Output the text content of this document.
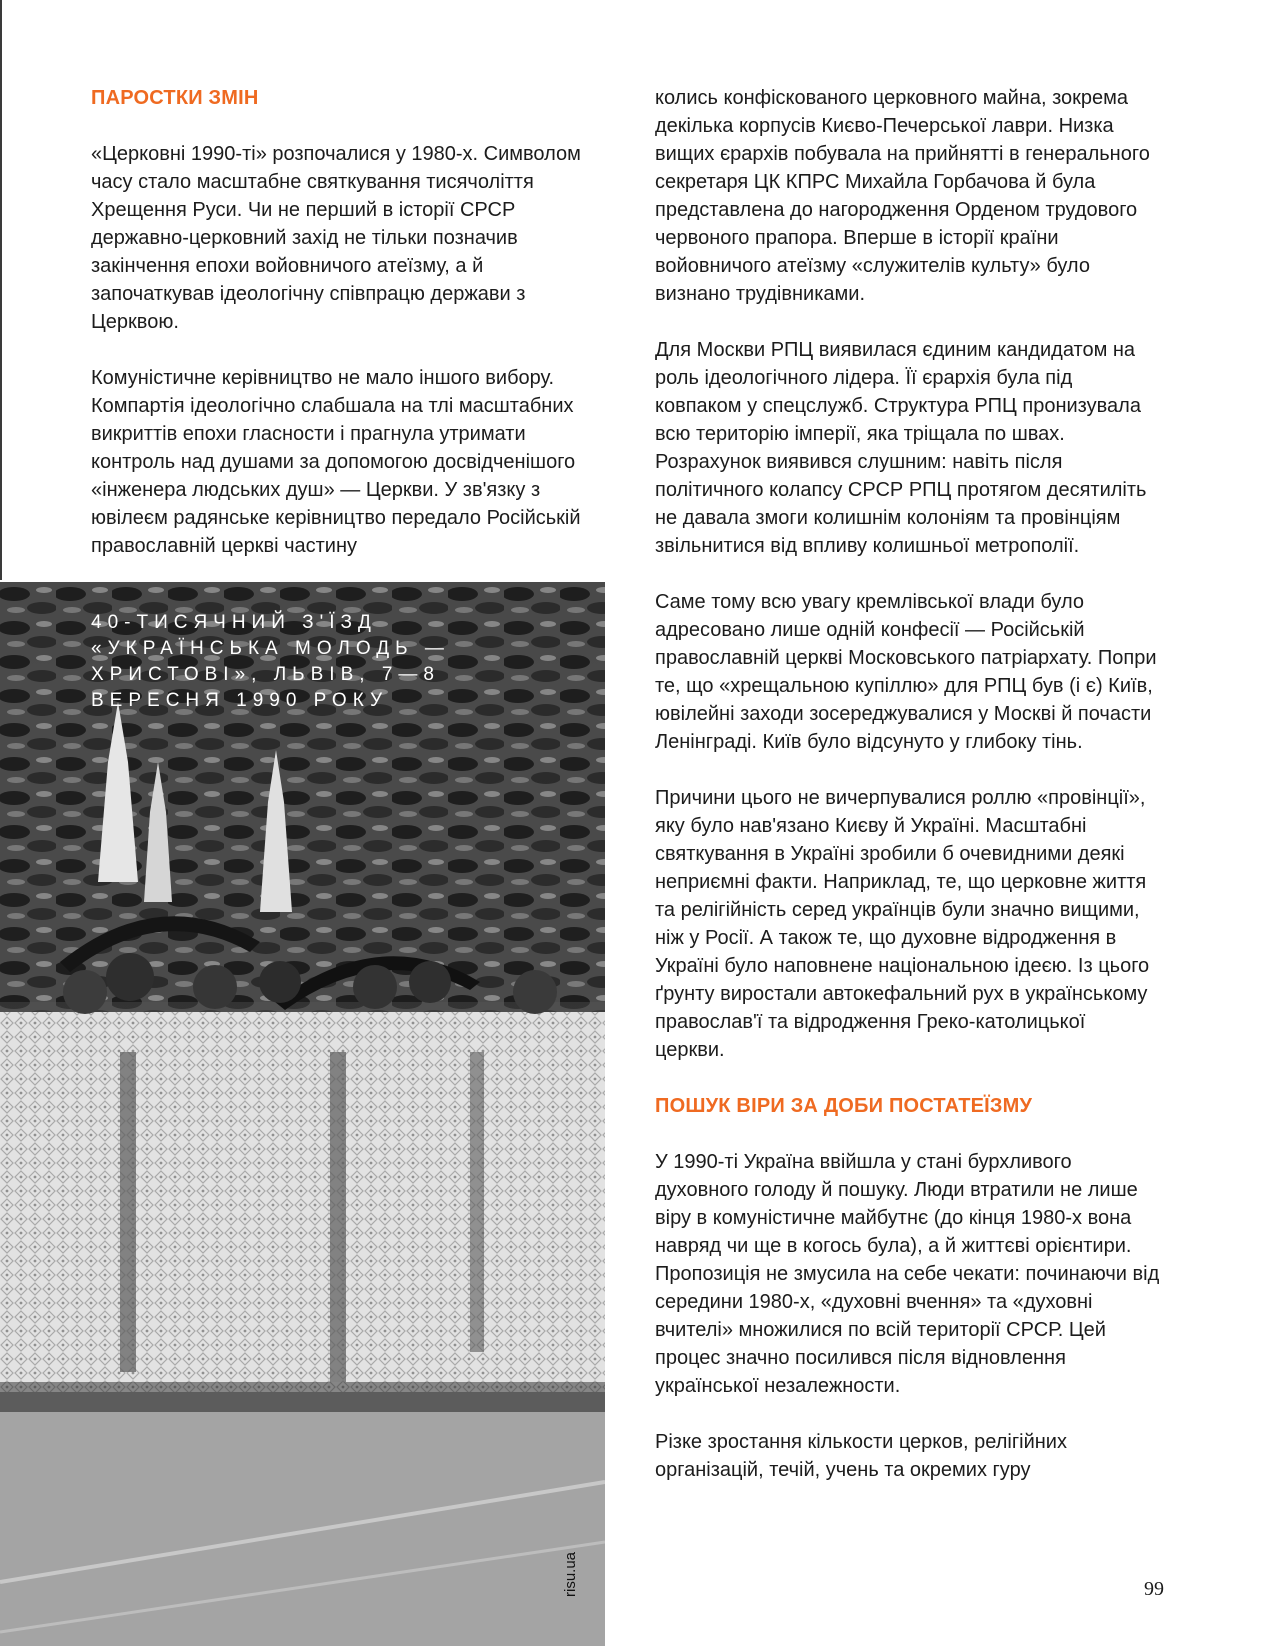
ПАРОСТКИ ЗМІН

«Церковні 1990-ті» розпочалися у 1980-х. Символом часу стало масштабне святкування тисячоліття Хрещення Руси. Чи не перший в історії СРСР державно-церковний захід не тільки позначив закінчення епохи войовничого атеїзму, а й започаткував ідеологічну співпрацю держави з Церквою.

Комуністичне керівництво не мало іншого вибору. Компартія ідеологічно слабшала на тлі масштабних викриттів епохи гласности і прагнула утримати контроль над душами за допомогою досвідченішого «інженера людських душ» — Церкви. У зв'язку з ювілеєм радянське керівництво передало Російській православній церкві частину

40-ТИСЯЧНИЙ З'ЇЗД «УКРАЇНСЬКА МОЛОДЬ — ХРИСТОВІ», ЛЬВІВ, 7—8 ВЕРЕСНЯ 1990 РОКУ
risu.ua

колись конфіскованого церковного майна, зокрема декілька корпусів Києво-Печерської лаври. Низка вищих єрархів побувала на прийнятті в генерального секретаря ЦК КПРС Михайла Горбачова й була представлена до нагородження Орденом трудового червоного прапора. Вперше в історії країни войовничого атеїзму «служителів культу» було визнано трудівниками.

Для Москви РПЦ виявилася єдиним кандидатом на роль ідеологічного лідера. Її єрархія була під ковпаком у спецслужб. Структура РПЦ пронизувала всю територію імперії, яка тріщала по швах. Розрахунок виявився слушним: навіть після політичного колапсу СРСР РПЦ протягом десятиліть не давала змоги колишнім колоніям та провінціям звільнитися від впливу колишньої метрополії.

Саме тому всю увагу кремлівської влади було адресовано лише одній конфесії — Російській православній церкві Московського патріархату. Попри те, що «хрещальною купіллю» для РПЦ був (і є) Київ, ювілейні заходи зосереджувалися у Москві й почасти Ленінграді. Київ було відсунуто у глибоку тінь.

Причини цього не вичерпувалися роллю «провінції», яку було нав'язано Києву й Україні. Масштабні святкування в Україні зробили б очевидними деякі неприємні факти. Наприклад, те, що церковне життя та релігійність серед українців були значно вищими, ніж у Росії. А також те, що духовне відродження в Україні було наповнене національною ідеєю. Із цього ґрунту виростали автокефальний рух в українському православ'ї та відродження Греко-католицької церкви.

ПОШУК ВІРИ ЗА ДОБИ ПОСТАТЕЇЗМУ

У 1990-ті Україна ввійшла у стані бурхливого духовного голоду й пошуку. Люди втратили не лише віру в комуністичне майбутнє (до кінця 1980-х вона навряд чи ще в когось була), а й життєві орієнтири. Пропозиція не змусила на себе чекати: починаючи від середини 1980-х, «духовні вчення» та «духовні вчителі» множилися по всій території СРСР. Цей процес значно посилився після відновлення української незалежности.

Різке зростання кількости церков, релігійних організацій, течій, учень та окремих гуру

99
